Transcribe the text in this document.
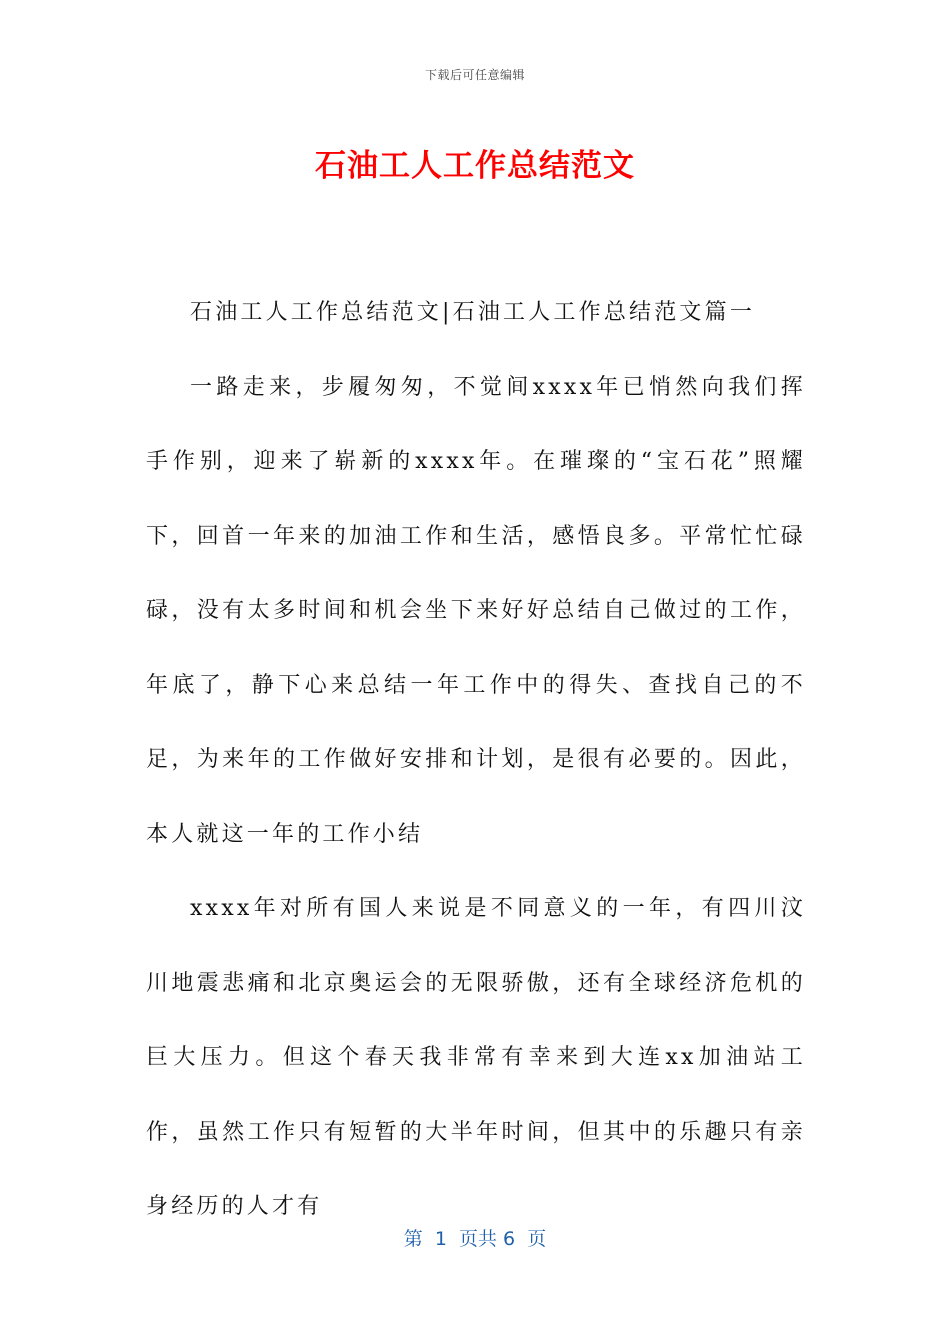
下载后可任意编辑
石油工人工作总结范文

石油工人工作总结范文|石油工人工作总结范文篇一

一路走来，步履匆匆，不觉间xxxx年已悄然向我们挥手作别，迎来了崭新的xxxx年。在璀璨的“宝石花”照耀下，回首一年来的加油工作和生活，感悟良多。平常忙忙碌碌，没有太多时间和机会坐下来好好总结自己做过的工作，年底了，静下心来总结一年工作中的得失、查找自己的不足，为来年的工作做好安排和计划，是很有必要的。因此，本人就这一年的工作小结

xxxx年对所有国人来说是不同意义的一年，有四川汶川地震悲痛和北京奥运会的无限骄傲，还有全球经济危机的巨大压力。但这个春天我非常有幸来到大连xx加油站工作，虽然工作只有短暂的大半年时间，但其中的乐趣只有亲身经历的人才有

第  1  页共 6  页
